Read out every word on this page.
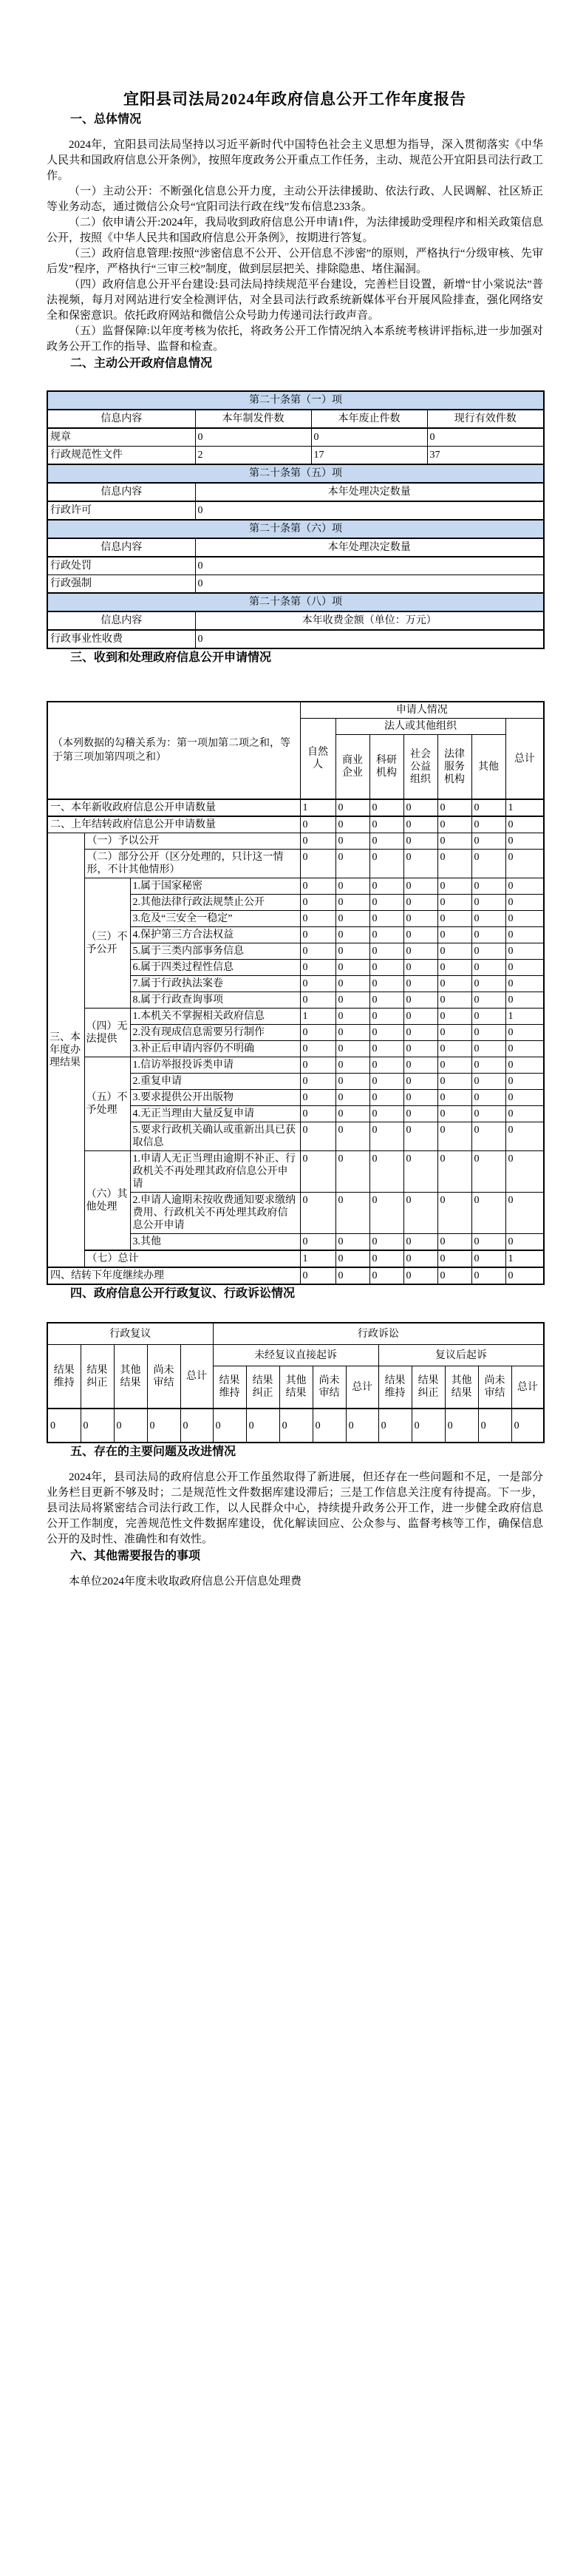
宜阳县司法局2024年政府信息公开工作年度报告
一、总体情况

2024年，宜阳县司法局坚持以习近平新时代中国特色社会主义思想为指导，深入贯彻落实《中华人民共和国政府信息公开条例》，按照年度政务公开重点工作任务，主动、规范公开宜阳县司法行政工作。

（一）主动公开：不断强化信息公开力度，主动公开法律援助、依法行政、人民调解、社区矫正等业务动态，通过微信公众号“宜阳司法行政在线”发布信息233条。

（二）依申请公开:2024年，我局收到政府信息公开申请1件，为法律援助受理程序和相关政策信息公开，按照《中华人民共和国政府信息公开条例》，按期进行答复。

（三）政府信息管理:按照“涉密信息不公开、公开信息不涉密”的原则，严格执行“分级审核、先审后发”程序，严格执行“三审三校”制度，做到层层把关、排除隐患、堵住漏洞。

（四）政府信息公开平台建设:县司法局持续规范平台建设，完善栏目设置，新增“甘小棠说法”普法视频，每月对网站进行安全检测评估，对全县司法行政系统新媒体平台开展风险排查，强化网络安全和保密意识。依托政府网站和微信公众号助力传递司法行政声音。

（五）监督保障:以年度考核为依托，将政务公开工作情况纳入本系统考核讲评指标,进一步加强对政务公开工作的指导、监督和检查。

二、主动公开政府信息情况
第二十条第（一）项			
信息内容	本年制发件数	本年废止件数	现行有效件数
规章	0	0	0
行政规范性文件	2	17	37
第二十条第（五）项			
信息内容	本年处理决定数量		
行政许可	0		
第二十条第（六）项			
信息内容	本年处理决定数量		
行政处罚	0		
行政强制	0		
第二十条第（八）项			
信息内容	本年收费金额（单位：万元）		
行政事业性收费	0		
三、收到和处理政府信息公开申请情况
（本列数据的勾稽关系为：第一项加第二项之和，等于第三项加第四项之和）			申请人情况						
			自然人	法人或其他组织					总计
				商业企业	科研机构	社会公益组织	法律服务机构	其他	
一、本年新收政府信息公开申请数量			1	0	0	0	0	0	1
二、上年结转政府信息公开申请数量			0	0	0	0	0	0	0
三、本年度办理结果	（一）予以公开		0	0	0	0	0	0	0
	（二）部分公开（区分处理的，只计这一情形，不计其他情形）		0	0	0	0	0	0	0
	（三）不予公开	1.属于国家秘密	0	0	0	0	0	0	0
		2.其他法律行政法规禁止公开	0	0	0	0	0	0	0
		3.危及“三安全一稳定”	0	0	0	0	0	0	0
		4.保护第三方合法权益	0	0	0	0	0	0	0
		5.属于三类内部事务信息	0	0	0	0	0	0	0
		6.属于四类过程性信息	0	0	0	0	0	0	0
		7.属于行政执法案卷	0	0	0	0	0	0	0
		8.属于行政查询事项	0	0	0	0	0	0	0
	（四）无法提供	1.本机关不掌握相关政府信息	1	0	0	0	0	0	1
		2.没有现成信息需要另行制作	0	0	0	0	0	0	0
		3.补正后申请内容仍不明确	0	0	0	0	0	0	0
	（五）不予处理	1.信访举报投诉类申请	0	0	0	0	0	0	0
		2.重复申请	0	0	0	0	0	0	0
		3.要求提供公开出版物	0	0	0	0	0	0	0
		4.无正当理由大量反复申请	0	0	0	0	0	0	0
		5.要求行政机关确认或重新出具已获取信息	0	0	0	0	0	0	0
	（六）其他处理	1.申请人无正当理由逾期不补正、行政机关不再处理其政府信息公开申请	0	0	0	0	0	0	0
		2.申请人逾期未按收费通知要求缴纳费用、行政机关不再处理其政府信息公开申请	0	0	0	0	0	0	0
		3.其他	0	0	0	0	0	0	0
	（七）总计		1	0	0	0	0	0	1
四、结转下年度继续办理			0	0	0	0	0	0	0
四、政府信息公开行政复议、行政诉讼情况
行政复议					行政诉讼									
结果维持	结果纠正	其他结果	尚未审结	总计	未经复议直接起诉					复议后起诉				
					结果维持	结果纠正	其他结果	尚未审结	总计	结果维持	结果纠正	其他结果	尚未审结	总计
0	0	0	0	0	0	0	0	0	0	0	0	0	0	0
五、存在的主要问题及改进情况

2024年，县司法局的政府信息公开工作虽然取得了新进展，但还存在一些问题和不足，一是部分业务栏目更新不够及时；二是规范性文件数据库建设滞后；三是工作信息关注度有待提高。下一步，县司法局将紧密结合司法行政工作，以人民群众中心，持续提升政务公开工作，进一步健全政府信息公开工作制度，完善规范性文件数据库建设，优化解读回应、公众参与、监督考核等工作，确保信息公开的及时性、准确性和有效性。

六、其他需要报告的事项

本单位2024年度未收取政府信息公开信息处理费
